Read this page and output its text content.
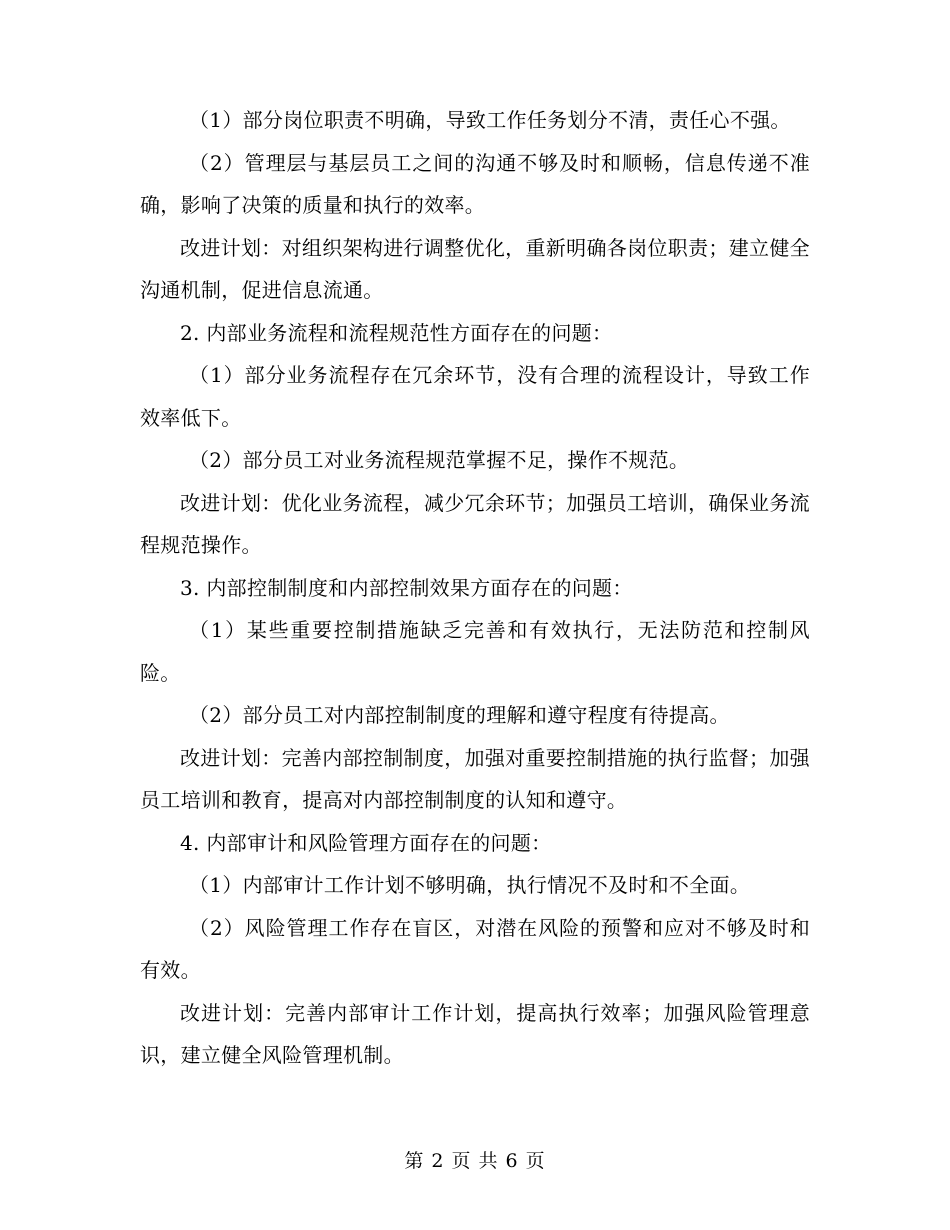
（1）部分岗位职责不明确，导致工作任务划分不清，责任心不强。

（2）管理层与基层员工之间的沟通不够及时和顺畅，信息传递不准确，影响了决策的质量和执行的效率。

改进计划：对组织架构进行调整优化，重新明确各岗位职责；建立健全沟通机制，促进信息流通。

2. 内部业务流程和流程规范性方面存在的问题：

（1）部分业务流程存在冗余环节，没有合理的流程设计，导致工作效率低下。

（2）部分员工对业务流程规范掌握不足，操作不规范。

改进计划：优化业务流程，减少冗余环节；加强员工培训，确保业务流程规范操作。

3. 内部控制制度和内部控制效果方面存在的问题：

（1）某些重要控制措施缺乏完善和有效执行，无法防范和控制风险。

（2）部分员工对内部控制制度的理解和遵守程度有待提高。

改进计划：完善内部控制制度，加强对重要控制措施的执行监督；加强员工培训和教育，提高对内部控制制度的认知和遵守。

4. 内部审计和风险管理方面存在的问题：

（1）内部审计工作计划不够明确，执行情况不及时和不全面。

（2）风险管理工作存在盲区，对潜在风险的预警和应对不够及时和有效。

改进计划：完善内部审计工作计划，提高执行效率；加强风险管理意识，建立健全风险管理机制。

第 2 页 共 6 页
